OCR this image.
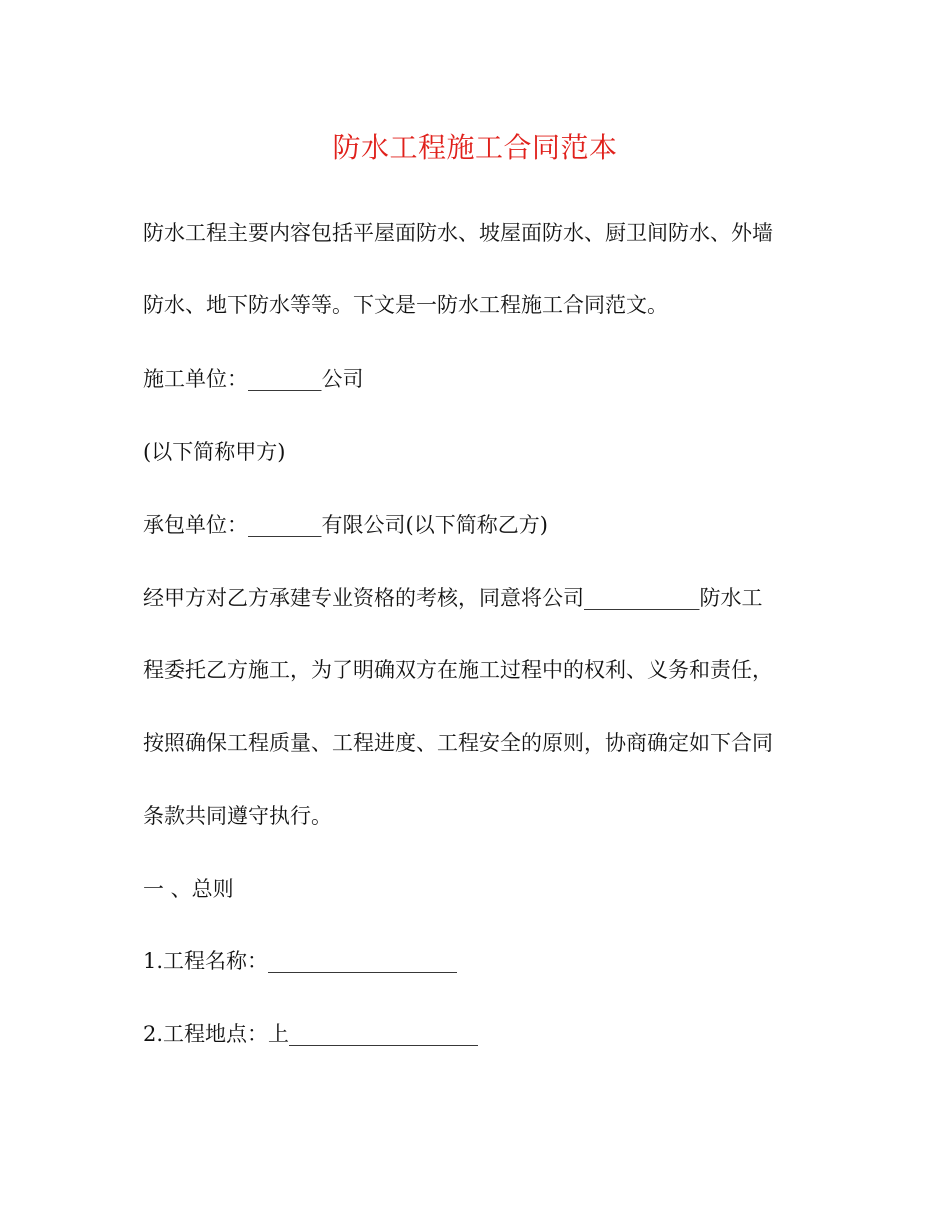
防水工程施工合同范本
防水工程主要内容包括平屋面防水、坡屋面防水、厨卫间防水、外墙
防水、地下防水等等。下文是一防水工程施工合同范文。
施工单位：_______公司
(以下简称甲方)
承包单位：_______有限公司(以下简称乙方)
经甲方对乙方承建专业资格的考核，同意将公司___________防水工
程委托乙方施工，为了明确双方在施工过程中的权利、义务和责任，
按照确保工程质量、工程进度、工程安全的原则，协商确定如下合同
条款共同遵守执行。
一 、总则
1.工程名称：__________________
2.工程地点：上__________________
